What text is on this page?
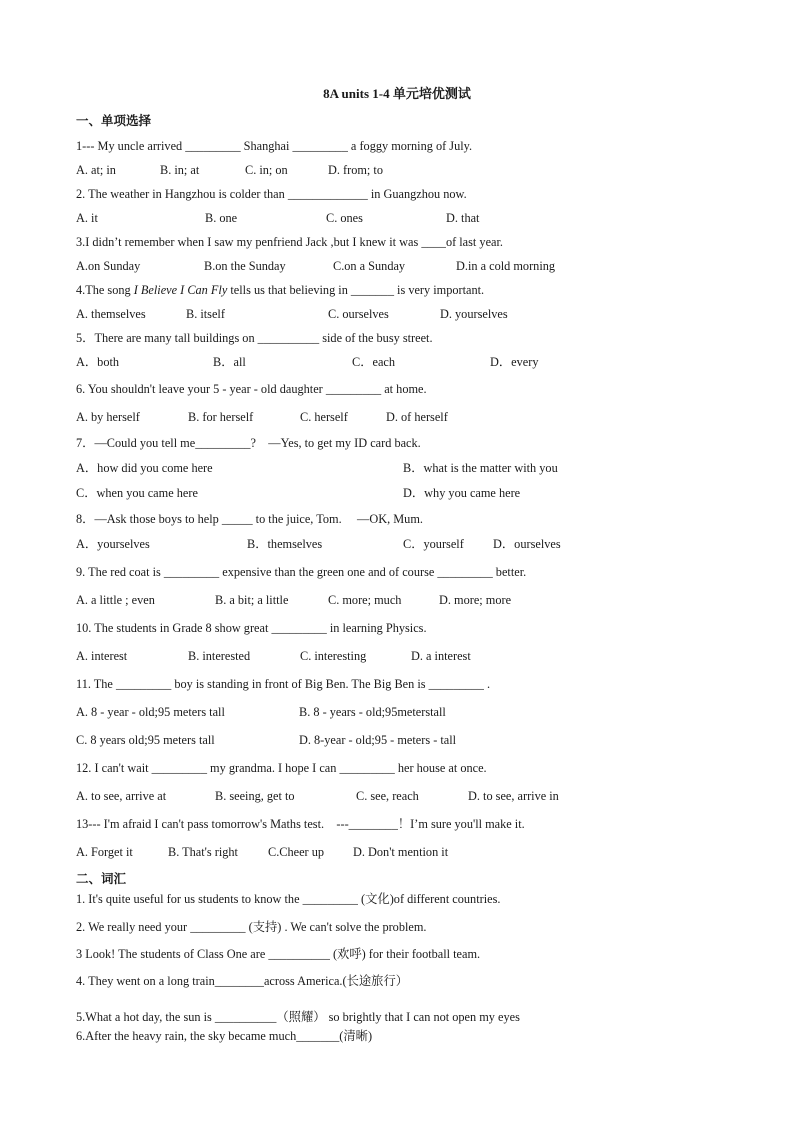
8A units 1-4 单元培优测试
一、单项选择
1--- My uncle arrived _________ Shanghai _________ a foggy morning of July.
A. at; in	B. in; at	C. in; on	D. from; to
2. The weather in Hangzhou is colder than _____________ in Guangzhou now.
A. it	B. one	C. ones	D. that
3.I didn’t remember when I saw my penfriend Jack ,but I knew it was ____of last year.
A.on Sunday	B.on the Sunday	C.on a Sunday	D.in a cold morning
4.The song I Believe I Can Fly tells us that believing in _______ is very important.
A. themselves	B. itself	C. ourselves	D. yourselves
5．There are many tall buildings on __________ side of the busy street.
A．both	B．all	C．each	D．every
6. You shouldn't leave your 5 - year - old daughter _________ at home.
A. by herself	B. for herself	C. herself	D. of herself
7．—Could you tell me_________?　—Yes, to get my ID card back.
A．how did you come here	B．what is the matter with you
C．when you came here	D．why you came here
8．—Ask those boys to help _____ to the juice, Tom.　 —OK, Mum.
A．yourselves	B．themselves	C．yourself D．ourselves
9. The red coat is _________ expensive than the green one and of course _________ better.
A. a little ; even	B. a bit; a little	C. more; much	D. more; more
10. The students in Grade 8 show great _________ in learning Physics.
A. interest	B. interested	C. interesting	D. a interest
11. The _________ boy is standing in front of Big Ben. The Big Ben is _________ .
A. 8 - year - old;95 meters tall	B. 8 - years - old;95meterstall
C. 8 years old;95 meters tall	D. 8-year - old;95 - meters - tall
12. I can't wait _________ my grandma. I hope I can _________ her house at once.
A. to see, arrive at	B. seeing, get to	C. see, reach	D. to see, arrive in
13--- I'm afraid I can't pass tomorrow's Maths test.　---________！I’m sure you'll make it.
A. Forget it	B. That's right C.Cheer up D. Don't mention it
二、词汇
1. It's quite useful for us students to know the _________ (文化)of different countries.
2. We really need your _________ (支持) . We can't solve the problem.
3 Look! The students of Class One are __________ (欢呼) for their football team.
4. They went on a long train________across America.(长途旅行）
5.What a hot day, the sun is __________（照耀） so brightly that I can not open my eyes
6.After the heavy rain, the sky became much_______(清晰)
